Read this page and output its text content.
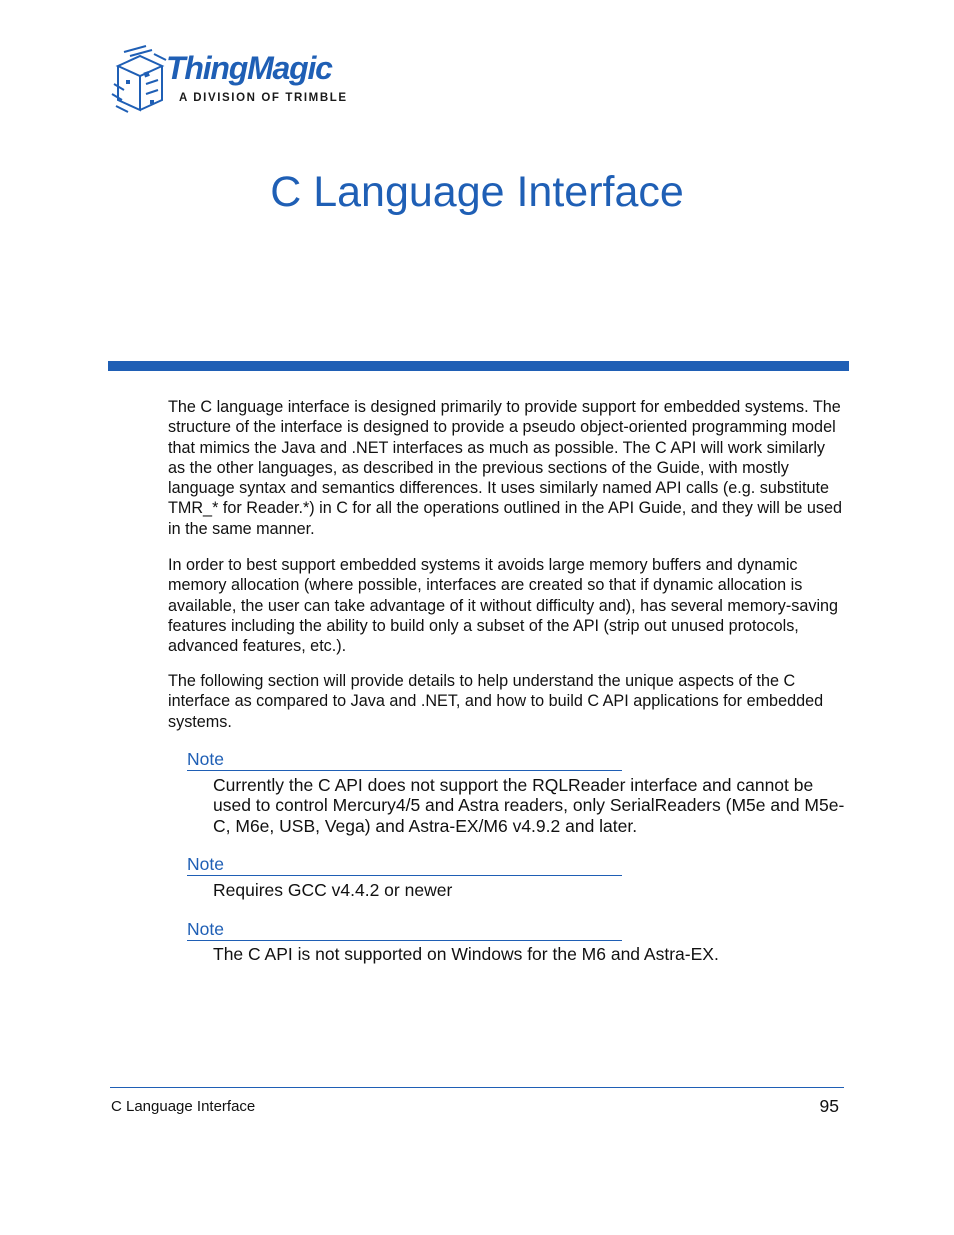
ThingMagic
A DIVISION OF TRIMBLE
C Language Interface

The C language interface is designed primarily to provide support for embedded systems. The structure of the interface is designed to provide a pseudo object-oriented programming model that mimics the Java and .NET interfaces as much as possible. The C API will work similarly as the other languages, as described in the previous sections of the Guide, with mostly language syntax and semantics differences. It uses similarly named API calls (e.g. substitute TMR_* for Reader.*) in C for all the operations outlined in the API Guide, and they will be used in the same manner.

In order to best support embedded systems it avoids large memory buffers and dynamic memory allocation (where possible, interfaces are created so that if dynamic allocation is available, the user can take advantage of it without difficulty and), has several memory-saving features including the ability to build only a subset of the API (strip out unused protocols, advanced features, etc.).

The following section will provide details to help understand the unique aspects of the C interface as compared to Java and .NET, and how to build C API applications for embedded systems.

Note

Currently the C API does not support the RQLReader interface and cannot be used to control Mercury4/5 and Astra readers, only SerialReaders (M5e and M5e-C, M6e, USB, Vega) and Astra-EX/M6 v4.9.2 and later.

Note

Requires GCC v4.4.2 or newer

Note

The C API is not supported on Windows for the M6 and Astra-EX.

C Language Interface	95
